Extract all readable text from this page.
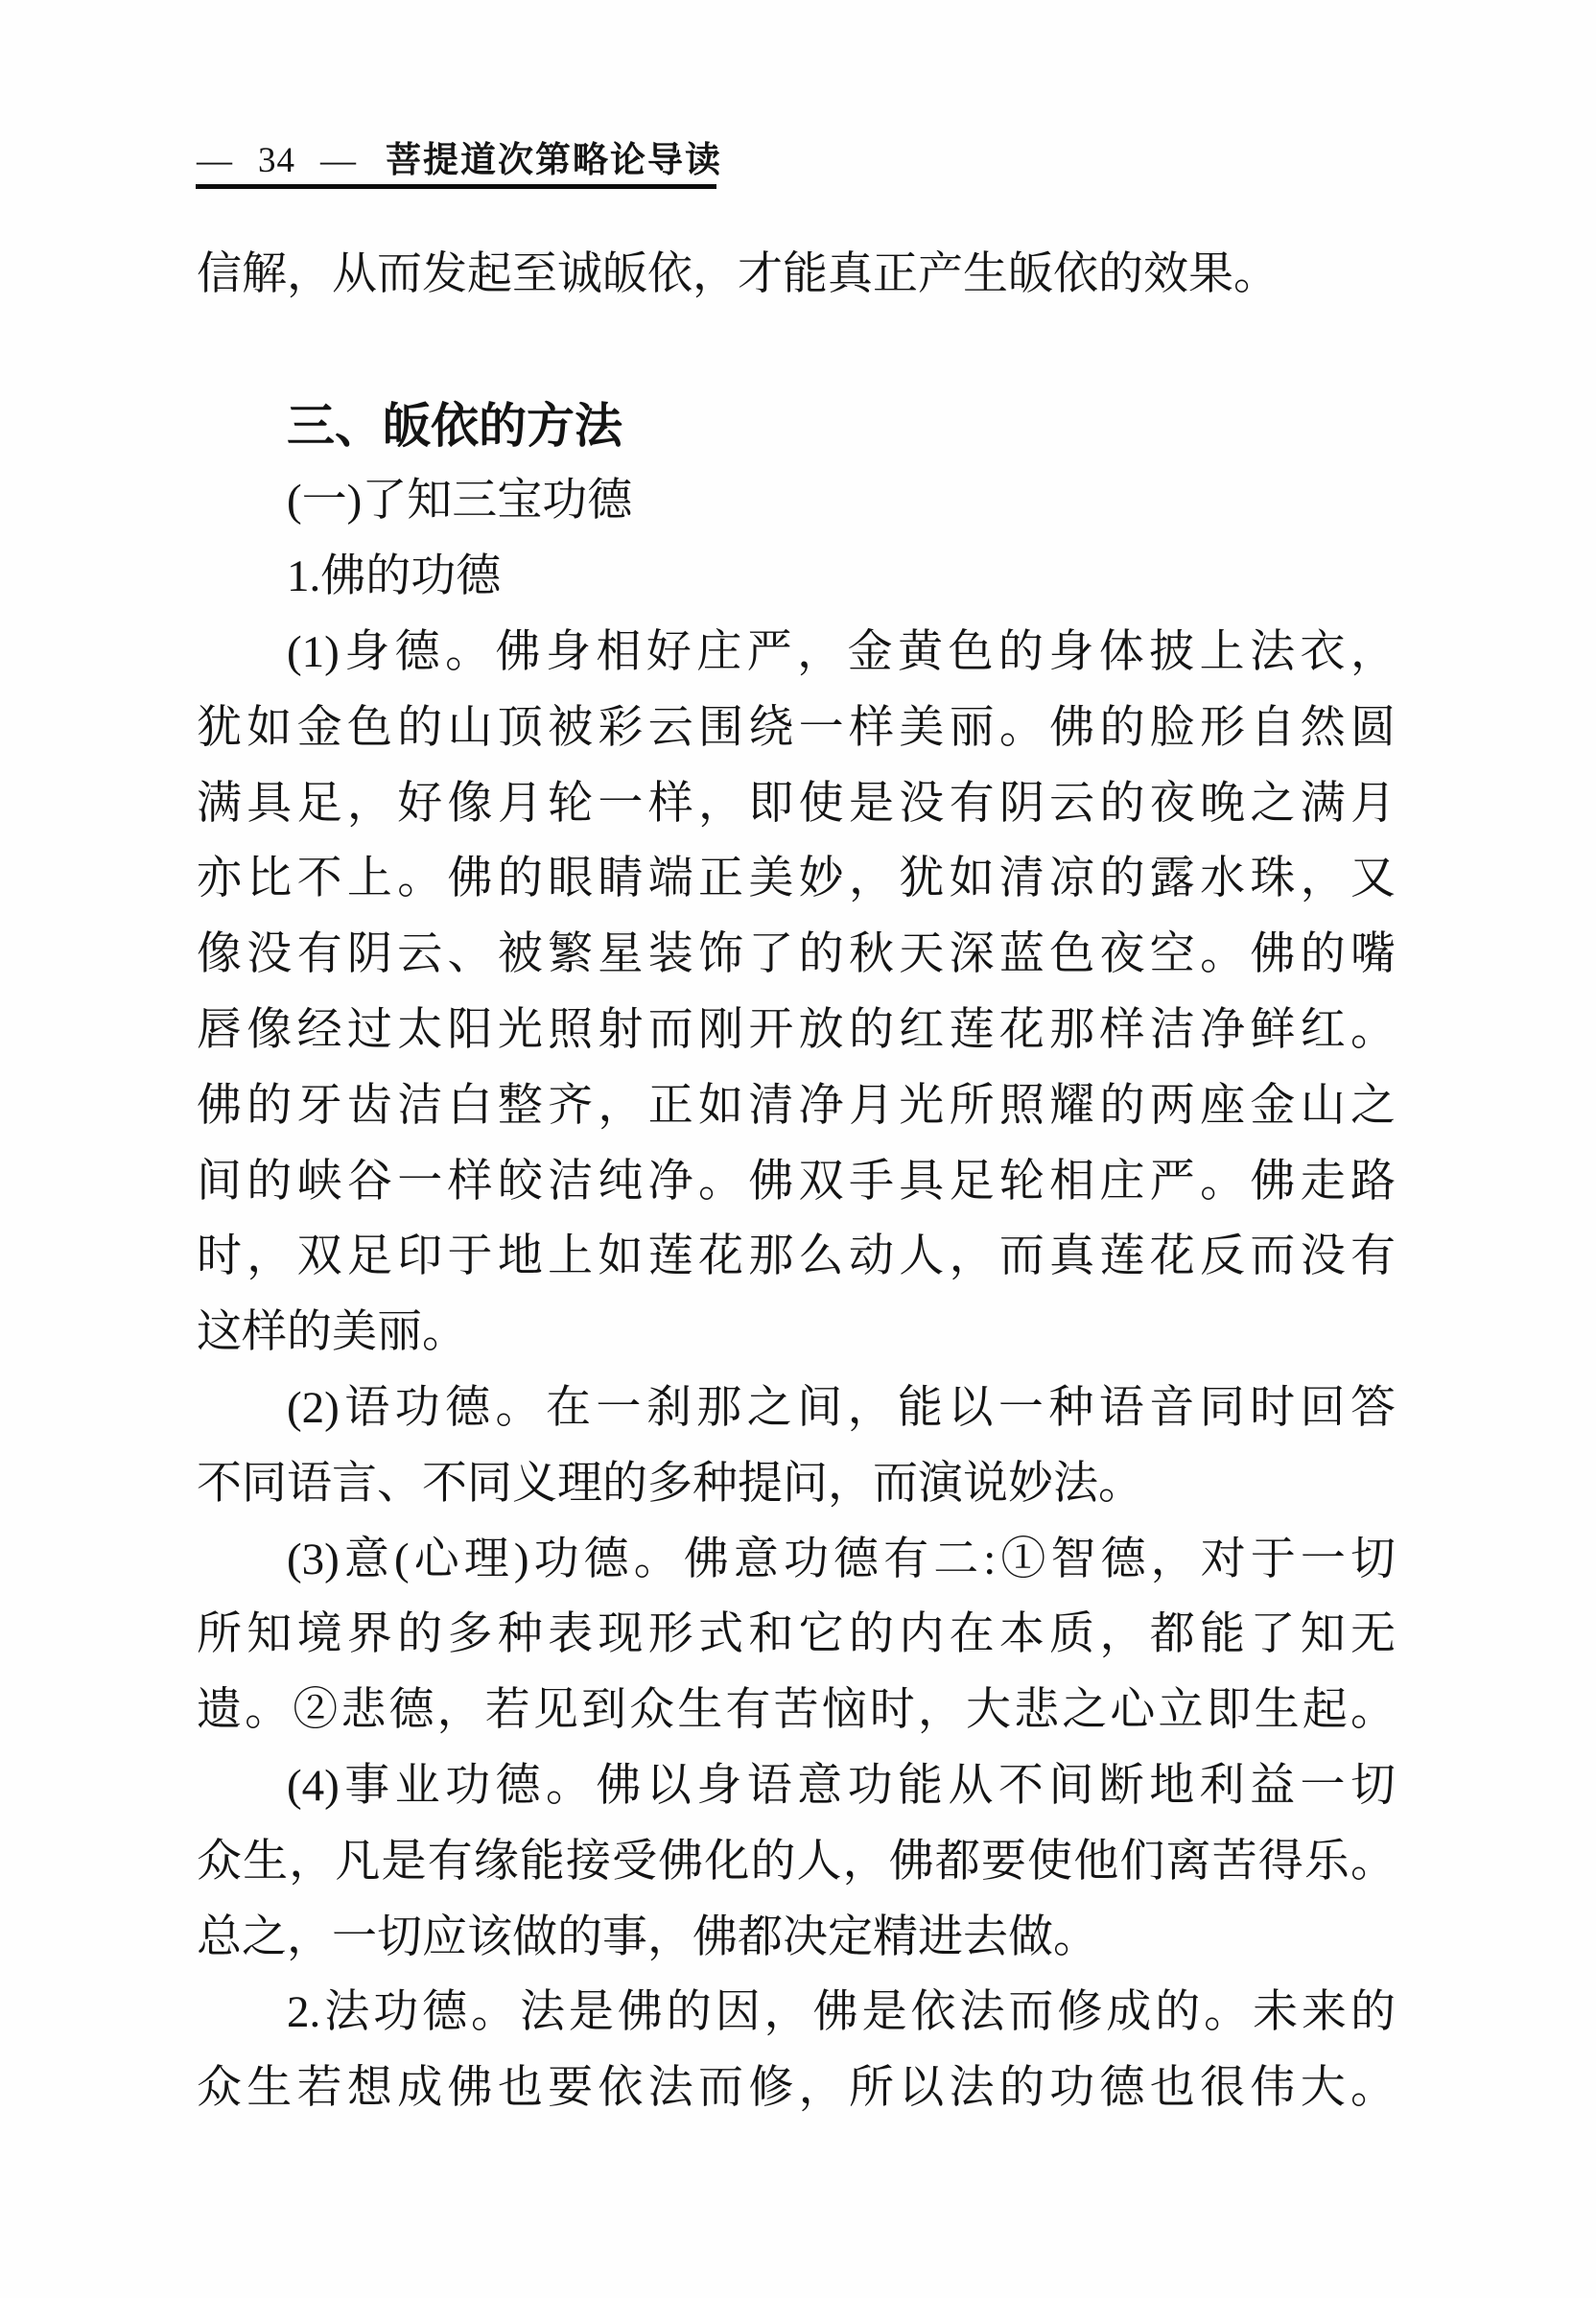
— 34 — 菩提道次第略论导读
信解，从而发起至诚皈依，才能真正产生皈依的效果。
三、皈依的方法
(一)了知三宝功德
1.佛的功德
(1)身德。佛身相好庄严，金黄色的身体披上法衣，
犹如金色的山顶被彩云围绕一样美丽。佛的脸形自然圆
满具足，好像月轮一样，即使是没有阴云的夜晚之满月
亦比不上。佛的眼睛端正美妙，犹如清凉的露水珠，又
像没有阴云、被繁星装饰了的秋天深蓝色夜空。佛的嘴
唇像经过太阳光照射而刚开放的红莲花那样洁净鲜红。
佛的牙齿洁白整齐，正如清净月光所照耀的两座金山之
间的峡谷一样皎洁纯净。佛双手具足轮相庄严。佛走路
时，双足印于地上如莲花那么动人，而真莲花反而没有
这样的美丽。
(2)语功德。在一刹那之间，能以一种语音同时回答
不同语言、不同义理的多种提问，而演说妙法。
(3)意(心理)功德。佛意功德有二:①智德，对于一切
所知境界的多种表现形式和它的内在本质，都能了知无
遗。②悲德，若见到众生有苦恼时，大悲之心立即生起。
(4)事业功德。佛以身语意功能从不间断地利益一切
众生，凡是有缘能接受佛化的人，佛都要使他们离苦得乐。
总之，一切应该做的事，佛都决定精进去做。
2.法功德。法是佛的因，佛是依法而修成的。未来的
众生若想成佛也要依法而修，所以法的功德也很伟大。
